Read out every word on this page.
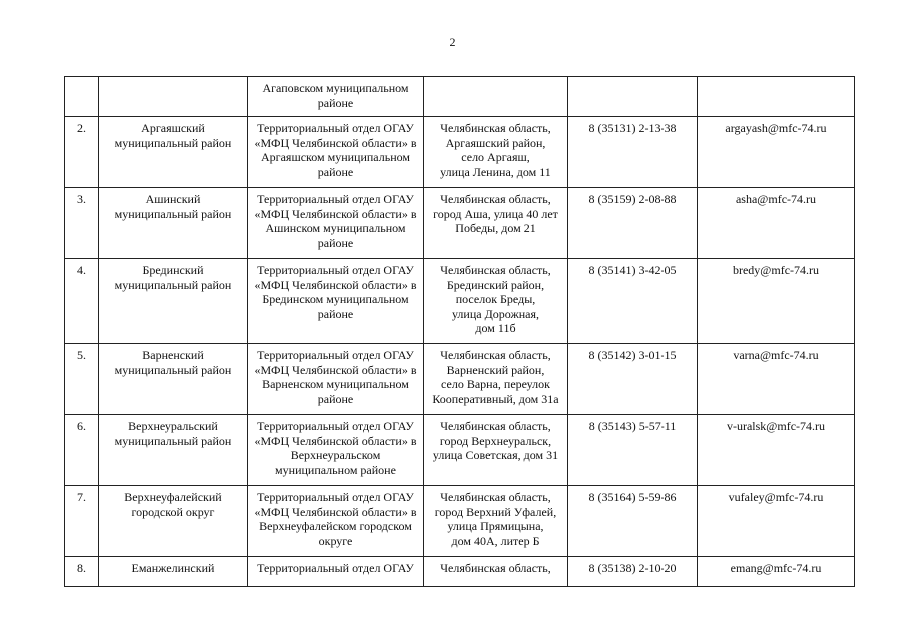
2

		Агаповском муниципальном
районе			

2.	Аргаяшский
муниципальный район	Территориальный отдел ОГАУ
«МФЦ Челябинской области» в
Аргаяшском муниципальном
районе	Челябинская область,
Аргаяшский район,
село Аргаяш,
улица Ленина, дом 11	8 (35131) 2-13-38	argayash@mfc-74.ru
3.	Ашинский
муниципальный район	Территориальный отдел ОГАУ
«МФЦ Челябинской области» в
Ашинском муниципальном
районе	Челябинская область,
город Аша, улица 40 лет
Победы, дом 21	8 (35159) 2-08-88	asha@mfc-74.ru
4.	Брединский
муниципальный район	Территориальный отдел ОГАУ
«МФЦ Челябинской области» в
Брединском муниципальном
районе	Челябинская область,
Брединский район,
поселок Бреды,
улица Дорожная,
дом 11б	8 (35141) 3-42-05	bredy@mfc-74.ru
5.	Варненский
муниципальный район	Территориальный отдел ОГАУ
«МФЦ Челябинской области» в
Варненском муниципальном
районе	Челябинская область,
Варненский район,
село Варна, переулок
Кооперативный, дом 31а	8 (35142) 3-01-15	varna@mfc-74.ru
6.	Верхнеуральский
муниципальный район	Территориальный отдел ОГАУ
«МФЦ Челябинской области» в
Верхнеуральском
муниципальном районе	Челябинская область,
город Верхнеуральск,
улица Советская, дом 31	8 (35143) 5-57-11	v-uralsk@mfc-74.ru
7.	Верхнеуфалейский
городской округ	Территориальный отдел ОГАУ
«МФЦ Челябинской области» в
Верхнеуфалейском городском
округе	Челябинская область,
город Верхний Уфалей,
улица Прямицына,
дом 40А, литер Б	8 (35164) 5-59-86	vufaley@mfc-74.ru
8.	Еманжелинский	Территориальный отдел ОГАУ	Челябинская область,	8 (35138) 2-10-20	emang@mfc-74.ru
